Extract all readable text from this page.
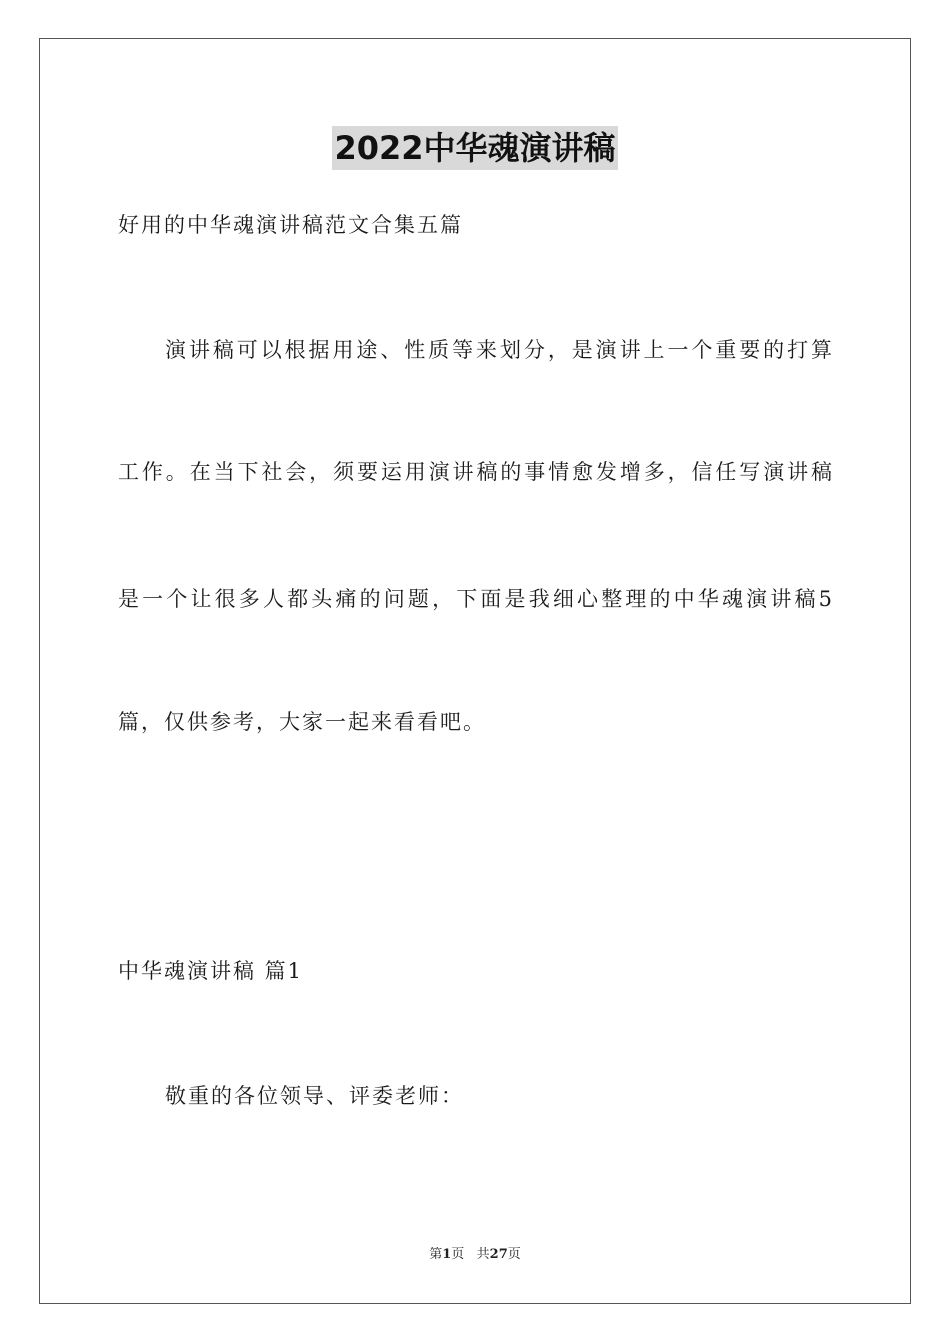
2022中华魂演讲稿
好用的中华魂演讲稿范文合集五篇
演讲稿可以根据用途、性质等来划分，是演讲上一个重要的打算
工作。在当下社会，须要运用演讲稿的事情愈发增多，信任写演讲稿
是一个让很多人都头痛的问题，下面是我细心整理的中华魂演讲稿5
篇，仅供参考，大家一起来看看吧。
中华魂演讲稿 篇1
敬重的各位领导、评委老师：
第1页   共27页
